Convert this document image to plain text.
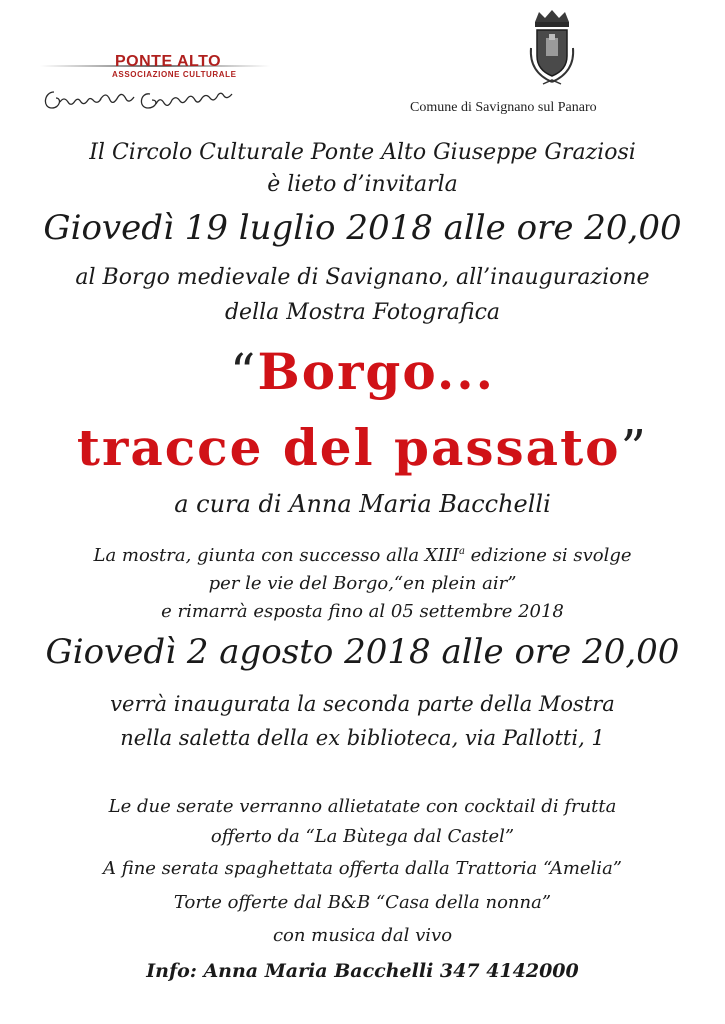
PONTE ALTO
ASSOCIAZIONE CULTURALE
Comune di Savignano sul Panaro
Il Circolo Culturale Ponte Alto Giuseppe Graziosi
è lieto d’invitarla
Giovedì 19 luglio 2018 alle ore 20,00
al Borgo medievale di Savignano, all’inaugurazione
della Mostra Fotografica
“Borgo...
tracce del passato”
a cura di Anna Maria Bacchelli
La mostra, giunta con successo alla XIII$^a$ edizione si svolge
per le vie del Borgo,“en plein air”
e rimarrà esposta fino al 05 settembre 2018
Giovedì 2 agosto 2018 alle ore 20,00
verrà inaugurata la seconda parte della Mostra
nella saletta della ex biblioteca, via Pallotti, 1
Le due serate verranno allietatate con cocktail di frutta
offerto da “La Bùtega dal Castel”
A fine serata spaghettata offerta dalla Trattoria “Amelia”
Torte offerte dal B&B “Casa della nonna”
con musica dal vivo
Info: Anna Maria Bacchelli 347 4142000
